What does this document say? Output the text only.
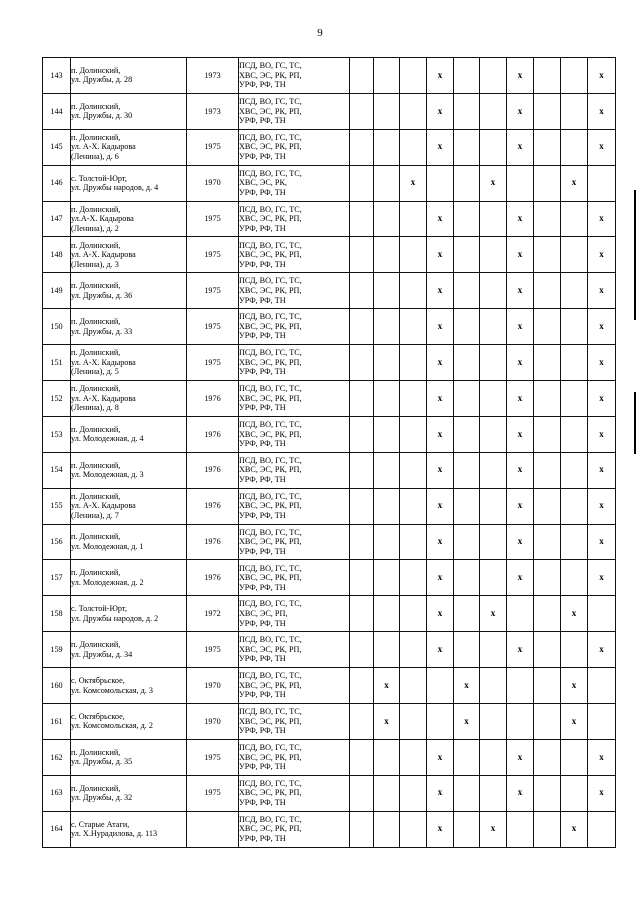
9
143	п. Долинский,
ул. Дружбы, д. 28	1973	ПСД, ВО, ГС, ТС,
ХВС, ЭС, РК, РП,
УРФ, РФ, ТН				x			x			x
144	п. Долинский,
ул. Дружбы, д. 30	1973	ПСД, ВО, ГС, ТС,
ХВС, ЭС, РК, РП,
УРФ, РФ, ТН				x			x			x
145	п. Долинский,
ул. А-Х. Кадырова
(Ленина), д. 6	1975	ПСД, ВО, ГС, ТС,
ХВС, ЭС, РК, РП,
УРФ, РФ, ТН				x			x			x
146	с. Толстой-Юрт,
ул. Дружбы народов, д. 4	1970	ПСД, ВО, ГС, ТС,
ХВС, ЭС, РК,
УРФ, РФ, ТН			x			x			x	
147	п. Долинский,
ул.А-Х. Кадырова
(Ленина), д. 2	1975	ПСД, ВО, ГС, ТС,
ХВС, ЭС, РК, РП,
УРФ, РФ, ТН				x			x			x
148	п. Долинский,
ул. А-Х. Кадырова
(Ленина), д. 3	1975	ПСД, ВО, ГС, ТС,
ХВС, ЭС, РК, РП,
УРФ, РФ, ТН				x			x			x
149	п. Долинский,
ул. Дружбы, д. 36	1975	ПСД, ВО, ГС, ТС,
ХВС, ЭС, РК, РП,
УРФ, РФ, ТН				x			x			x
150	п. Долинский,
ул. Дружбы, д. 33	1975	ПСД, ВО, ГС, ТС,
ХВС, ЭС, РК, РП,
УРФ, РФ, ТН				x			x			x
151	п. Долинский,
ул. А-Х. Кадырова
(Ленина), д. 5	1975	ПСД, ВО, ГС, ТС,
ХВС, ЭС, РК, РП,
УРФ, РФ, ТН				x			x			x
152	п. Долинский,
ул. А-Х. Кадырова
(Ленина), д. 8	1976	ПСД, ВО, ГС, ТС,
ХВС, ЭС, РК, РП,
УРФ, РФ, ТН				x			x			x
153	п. Долинский,
ул. Молодежная, д. 4	1976	ПСД, ВО, ГС, ТС,
ХВС, ЭС, РК, РП,
УРФ, РФ, ТН				x			x			x
154	п. Долинский,
ул. Молодежная, д. 3	1976	ПСД, ВО, ГС, ТС,
ХВС, ЭС, РК, РП,
УРФ, РФ, ТН				x			x			x
155	п. Долинский,
ул. А-Х. Кадырова
(Ленина), д. 7	1976	ПСД, ВО, ГС, ТС,
ХВС, ЭС, РК, РП,
УРФ, РФ, ТН				x			x			x
156	п. Долинский,
ул. Молодежная, д. 1	1976	ПСД, ВО, ГС, ТС,
ХВС, ЭС, РК, РП,
УРФ, РФ, ТН				x			x			x
157	п. Долинский,
ул. Молодежная, д. 2	1976	ПСД, ВО, ГС, ТС,
ХВС, ЭС, РК, РП,
УРФ, РФ, ТН				x			x			x
158	с. Толстой-Юрт,
ул. Дружбы народов, д. 2	1972	ПСД, ВО, ГС, ТС,
ХВС, ЭС, РП,
УРФ, РФ, ТН				x		x			x	
159	п. Долинский,
ул. Дружбы, д. 34	1975	ПСД, ВО, ГС, ТС,
ХВС, ЭС, РК, РП,
УРФ, РФ, ТН				x			x			x
160	с. Октябрьское,
ул. Комсомольская, д. 3	1970	ПСД, ВО, ГС, ТС,
ХВС, ЭС, РК, РП,
УРФ, РФ, ТН		x			x				x	
161	с. Октябрьское,
ул. Комсомольская, д. 2	1970	ПСД, ВО, ГС, ТС,
ХВС, ЭС, РК, РП,
УРФ, РФ, ТН		x			x				x	
162	п. Долинский,
ул. Дружбы, д. 35	1975	ПСД, ВО, ГС, ТС,
ХВС, ЭС, РК, РП,
УРФ, РФ, ТН				x			x			x
163	п. Долинский,
ул. Дружбы, д. 32	1975	ПСД, ВО, ГС, ТС,
ХВС, ЭС, РК, РП,
УРФ, РФ, ТН				x			x			x
164	с. Старые Атаги,
ул. Х.Нурадилова, д. 113		ПСД, ВО, ГС, ТС,
ХВС, ЭС, РК, РП,
УРФ, РФ, ТН				x		x			x	
